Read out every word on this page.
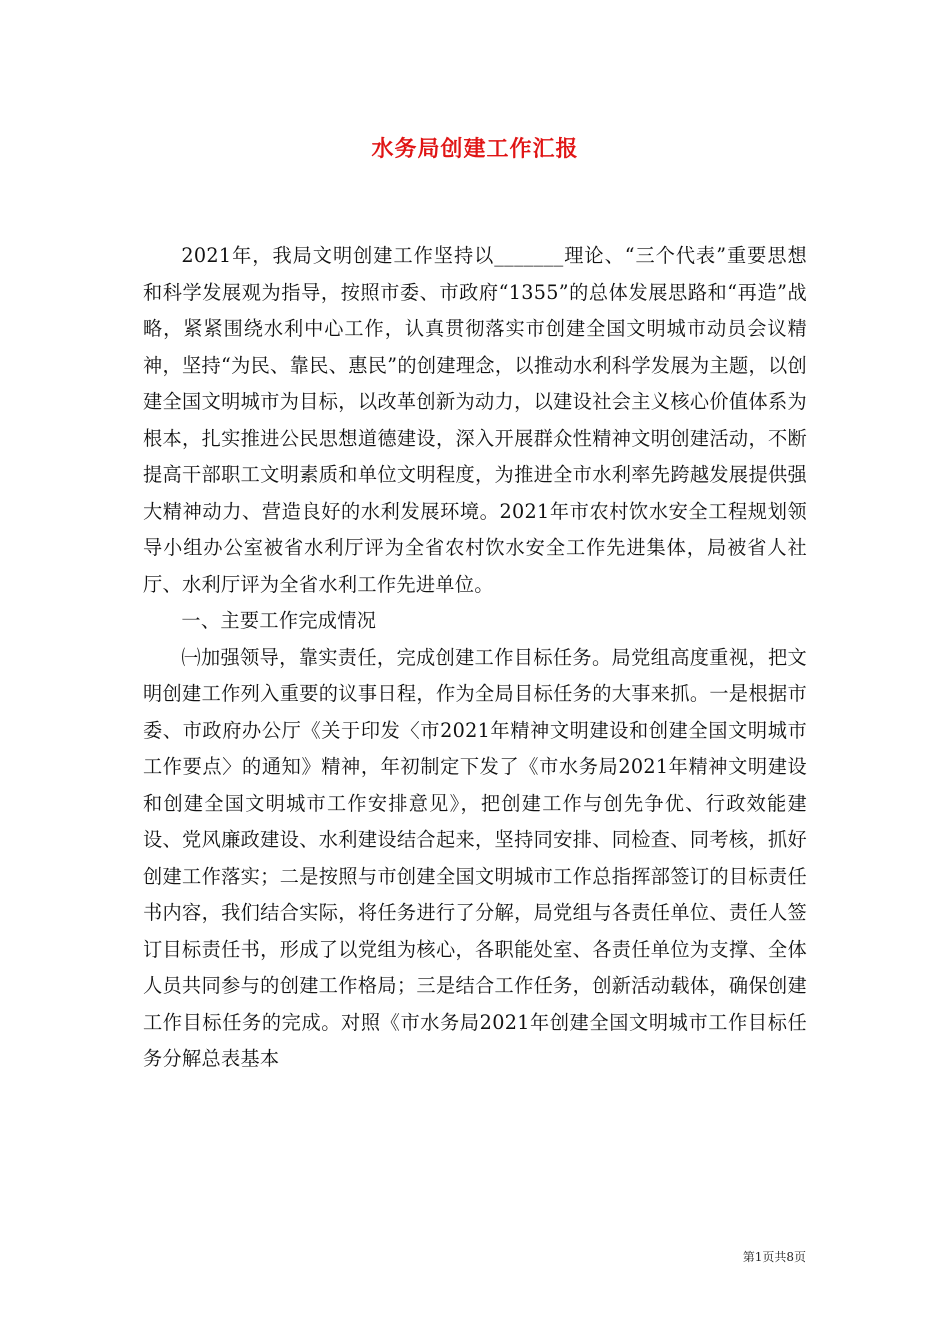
水务局创建工作汇报

2021年，我局文明创建工作坚持以_______理论、“三个代表”重要思想和科学发展观为指导，按照市委、市政府“1355”的总体发展思路和“再造”战略，紧紧围绕水利中心工作，认真贯彻落实市创建全国文明城市动员会议精神，坚持“为民、靠民、惠民”的创建理念，以推动水利科学发展为主题，以创建全国文明城市为目标，以改革创新为动力，以建设社会主义核心价值体系为根本，扎实推进公民思想道德建设，深入开展群众性精神文明创建活动，不断提高干部职工文明素质和单位文明程度，为推进全市水利率先跨越发展提供强大精神动力、营造良好的水利发展环境。2021年市农村饮水安全工程规划领导小组办公室被省水利厅评为全省农村饮水安全工作先进集体，局被省人社厅、水利厅评为全省水利工作先进单位。

一、主要工作完成情况

㈠加强领导，靠实责任，完成创建工作目标任务。局党组高度重视，把文明创建工作列入重要的议事日程，作为全局目标任务的大事来抓。一是根据市委、市政府办公厅《关于印发〈市2021年精神文明建设和创建全国文明城市工作要点〉的通知》精神，年初制定下发了《市水务局2021年精神文明建设和创建全国文明城市工作安排意见》，把创建工作与创先争优、行政效能建设、党风廉政建设、水利建设结合起来，坚持同安排、同检查、同考核，抓好创建工作落实；二是按照与市创建全国文明城市工作总指挥部签订的目标责任书内容，我们结合实际，将任务进行了分解，局党组与各责任单位、责任人签订目标责任书，形成了以党组为核心，各职能处室、各责任单位为支撑、全体人员共同参与的创建工作格局；三是结合工作任务，创新活动载体，确保创建工作目标任务的完成。对照《市水务局2021年创建全国文明城市工作目标任务分解总表基本

第1页共8页
